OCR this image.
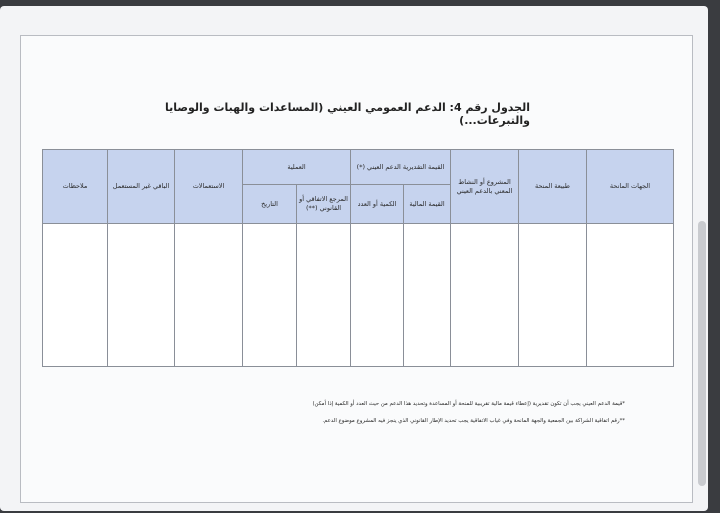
الجدول رقم 4: الدعم العمومي العيني (المساعدات والهبات والوصايا والتبرعات...)
الجهات المانحة	طبيعة المنحة	المشروع أو النشاط المعني بالدعم العيني	القيمة التقديرية الدعم العيني (*)		العملية		الاستعمالات	الباقي غير المستعمل	ملاحظات
			القيمة المالية	الكمية أو العدد	المرجع الاتفاقي أو القانوني (**)	التاريخ			

*قيمة الدعم العيني يجب أن تكون تقديرية (إعطاء قيمة مالية تقريبية للمنحة أو المساعدة وتحديد هذا الدعم من حيث العدد أو الكمية إذا أمكن)

**رقم اتفاقية الشراكة بين الجمعية والجهة المانحة وفي غياب الاتفاقية يجب تحديد الإطار القانوني الذي ينجز فيه المشروع موضوع الدعم.
